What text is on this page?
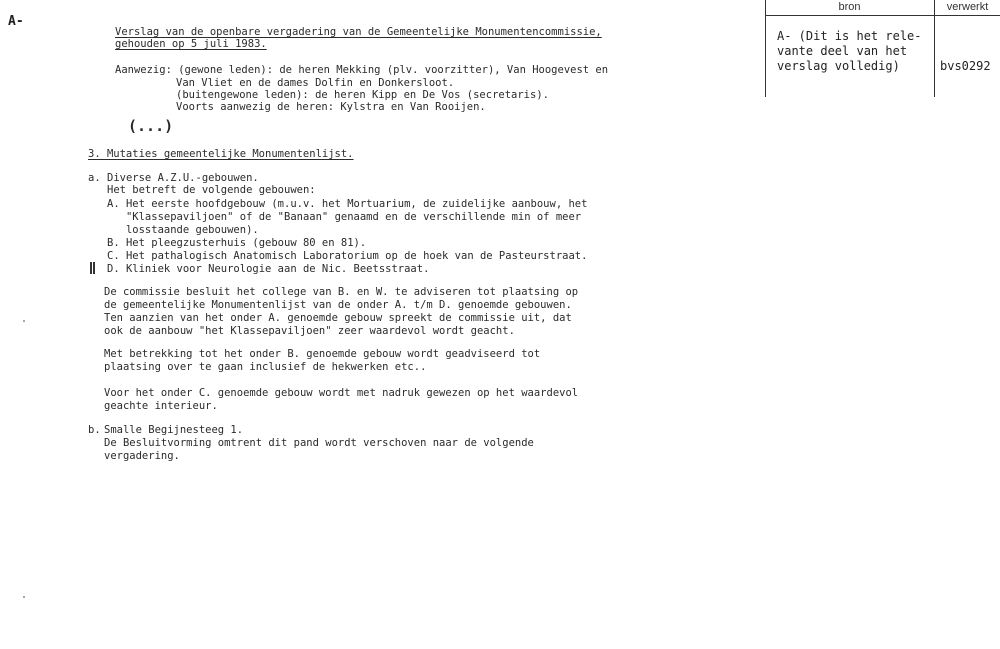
A-
Verslag van de openbare vergadering van de Gemeentelijke Monumentencommissie,
gehouden op 5 juli 1983.
Aanwezig: (gewone leden): de heren Mekking (plv. voorzitter), Van Hoogevest en
Van Vliet en de dames Dolfin en Donkersloot.
(buitengewone leden): de heren Kipp en De Vos (secretaris).
Voorts aanwezig de heren: Kylstra en Van Rooijen.
(...)
3. Mutaties gemeentelijke Monumentenlijst.
a. Diverse A.Z.U.-gebouwen.
Het betreft de volgende gebouwen:
A. Het eerste hoofdgebouw (m.u.v. het Mortuarium, de zuidelijke aanbouw, het
"Klassepaviljoen" of de "Banaan" genaamd en de verschillende min of meer
losstaande gebouwen).
B. Het pleegzusterhuis (gebouw 80 en 81).
C. Het pathalogisch Anatomisch Laboratorium op de hoek van de Pasteurstraat.
D. Kliniek voor Neurologie aan de Nic. Beetsstraat.
De commissie besluit het college van B. en W. te adviseren tot plaatsing op
de gemeentelijke Monumentenlijst van de onder A. t/m D. genoemde gebouwen.
Ten aanzien van het onder A. genoemde gebouw spreekt de commissie uit, dat
ook de aanbouw "het Klassepaviljoen" zeer waardevol wordt geacht.
Met betrekking tot het onder B. genoemde gebouw wordt geadviseerd tot
plaatsing over te gaan inclusief de hekwerken etc..
Voor het onder C. genoemde gebouw wordt met nadruk gewezen op het waardevol
geachte interieur.
b. Smalle Begijnesteeg 1.
De Besluitvorming omtrent dit pand wordt verschoven naar de volgende
vergadering.
bron	verwerkt
A- (Dit is het rele-
vante deel van het
verslag volledig)	bvs0292
